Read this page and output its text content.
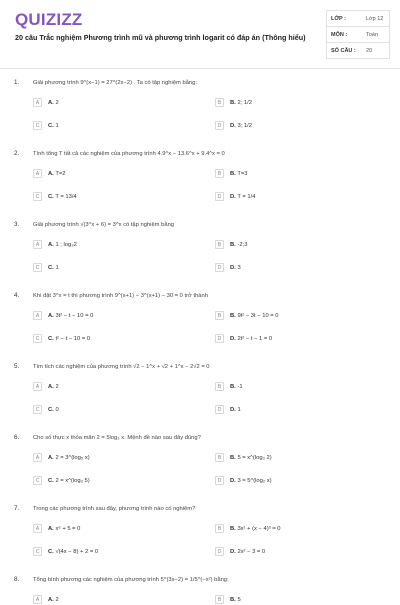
QUIZIZZ
20 câu Trắc nghiệm Phương trình mũ và phương trình logarit có đáp án (Thông hiểu)
LỚP :	Lớp 12
MÔN :	Toán
SỐ CÂU :	20
1. Giải phương trình 9^(x−1) = 27^(2x−2) . Ta có tập nghiệm bằng:
A	A. 2	B	B. 2; 1/2
C	C. 1	D	D. 3; 1/2
2. Tính tổng T tất cả các nghiệm của phương trình 4.9^x − 13.6^x + 9.4^x = 0
A	A. T=2	B	B. T=3
C	C. T = 13/4	D	D. T = 1/4
3. Giải phương trình √(3^x + 6) = 3^x có tập nghiệm bằng
A	A. 1 ; log₃2	B	B. -2;3
C	C. 1	D	D. 3
4. Khi đặt 3^x = t thì phương trình 9^(x+1) − 3^(x+1) − 30 = 0 trở thành
A	A. 3t² − t − 10 = 0	B	B. 9t² − 3t − 10 = 0
C	C. t² − t − 10 = 0	D	D. 2t² − t − 1 = 0
5. Tìm tích các nghiệm của phương trình √2 − 1^x + √2 + 1^x − 2√2 = 0
A	A. 2	B	B. -1
C	C. 0	D	D. 1
6. Cho số thực x thỏa mãn 2 = 5log₃ x. Mệnh đề nào sau đây đúng?
A	A. 2 = 3^(log₅ x)	B	B. 5 = x^(log₃ 2)
C	C. 2 = x^(log₃ 5)	D	D. 3 = 5^(log₂ x)
7. Trong các phương trình sau đây, phương trình nào có nghiệm?
A	A. x⁶ + 5 = 0	B	B. 3x¹ + (x − 4)³ = 0
C	C. √(4x − 8) + 2 = 0	D	D. 2x² − 3 = 0
8. Tổng bình phương các nghiệm của phương trình 5^(3x−2) = 1/5^(−x²) bằng:
A	A. 2	B	B. 5
